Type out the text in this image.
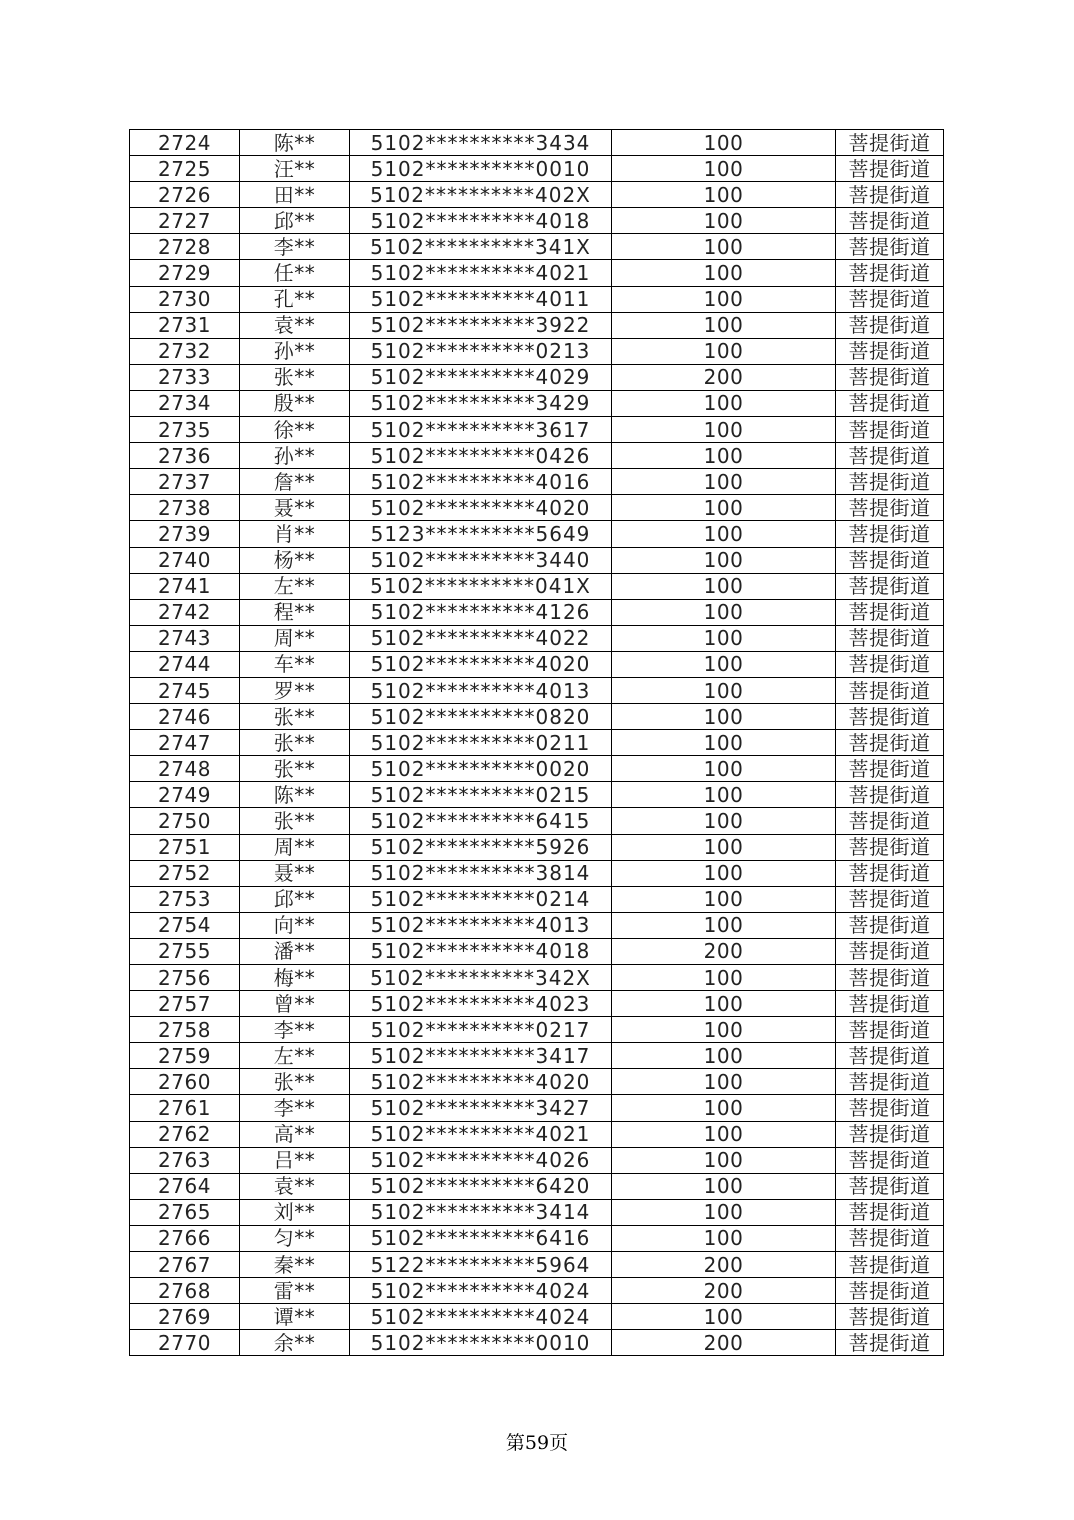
2724	陈**	5102**********3434	100	菩提街道
2725	汪**	5102**********0010	100	菩提街道
2726	田**	5102**********402X	100	菩提街道
2727	邱**	5102**********4018	100	菩提街道
2728	李**	5102**********341X	100	菩提街道
2729	任**	5102**********4021	100	菩提街道
2730	孔**	5102**********4011	100	菩提街道
2731	袁**	5102**********3922	100	菩提街道
2732	孙**	5102**********0213	100	菩提街道
2733	张**	5102**********4029	200	菩提街道
2734	殷**	5102**********3429	100	菩提街道
2735	徐**	5102**********3617	100	菩提街道
2736	孙**	5102**********0426	100	菩提街道
2737	詹**	5102**********4016	100	菩提街道
2738	聂**	5102**********4020	100	菩提街道
2739	肖**	5123**********5649	100	菩提街道
2740	杨**	5102**********3440	100	菩提街道
2741	左**	5102**********041X	100	菩提街道
2742	程**	5102**********4126	100	菩提街道
2743	周**	5102**********4022	100	菩提街道
2744	车**	5102**********4020	100	菩提街道
2745	罗**	5102**********4013	100	菩提街道
2746	张**	5102**********0820	100	菩提街道
2747	张**	5102**********0211	100	菩提街道
2748	张**	5102**********0020	100	菩提街道
2749	陈**	5102**********0215	100	菩提街道
2750	张**	5102**********6415	100	菩提街道
2751	周**	5102**********5926	100	菩提街道
2752	聂**	5102**********3814	100	菩提街道
2753	邱**	5102**********0214	100	菩提街道
2754	向**	5102**********4013	100	菩提街道
2755	潘**	5102**********4018	200	菩提街道
2756	梅**	5102**********342X	100	菩提街道
2757	曾**	5102**********4023	100	菩提街道
2758	李**	5102**********0217	100	菩提街道
2759	左**	5102**********3417	100	菩提街道
2760	张**	5102**********4020	100	菩提街道
2761	李**	5102**********3427	100	菩提街道
2762	高**	5102**********4021	100	菩提街道
2763	吕**	5102**********4026	100	菩提街道
2764	袁**	5102**********6420	100	菩提街道
2765	刘**	5102**********3414	100	菩提街道
2766	匀**	5102**********6416	100	菩提街道
2767	秦**	5122**********5964	200	菩提街道
2768	雷**	5102**********4024	200	菩提街道
2769	谭**	5102**********4024	100	菩提街道
2770	余**	5102**********0010	200	菩提街道
第59页
